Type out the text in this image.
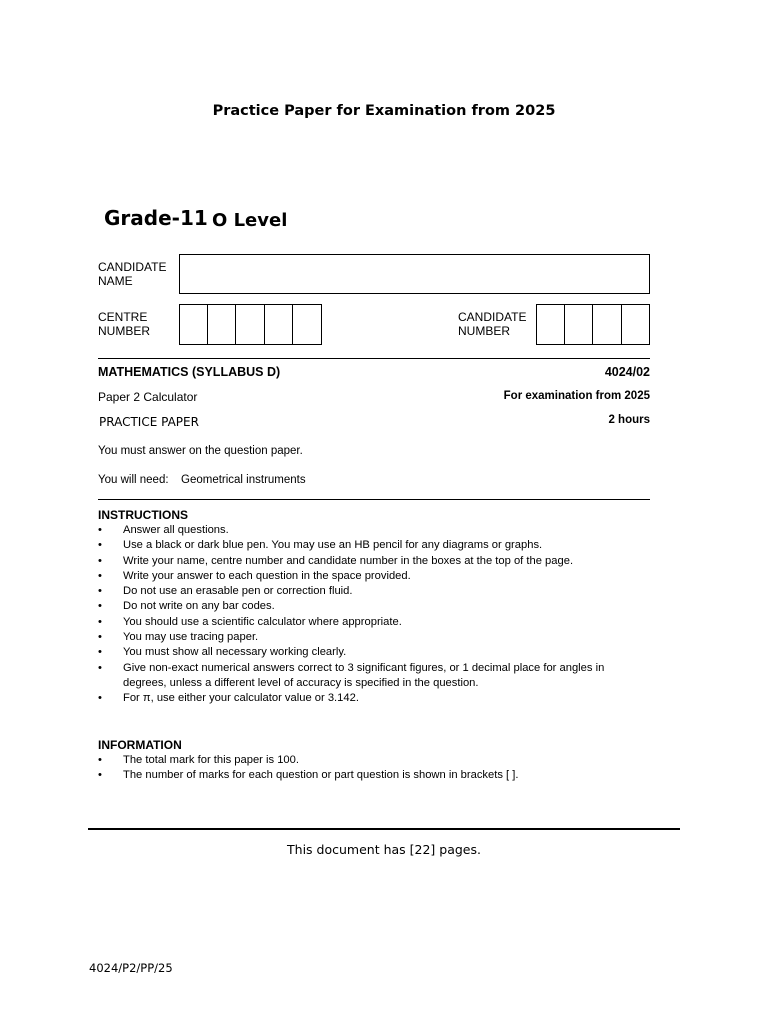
Practice Paper for Examination from 2025
Grade-11 O Level
CANDIDATE
NAME
CENTRE
NUMBER
CANDIDATE
NUMBER
MATHEMATICS (SYLLABUS D)	4024/02
Paper 2 Calculator	For examination from 2025
PRACTICE PAPER	2 hours
You must answer on the question paper.
You will need: Geometrical instruments
INSTRUCTIONS
• Answer all questions.
• Use a black or dark blue pen. You may use an HB pencil for any diagrams or graphs.
• Write your name, centre number and candidate number in the boxes at the top of the page.
• Write your answer to each question in the space provided.
• Do not use an erasable pen or correction fluid.
• Do not write on any bar codes.
• You should use a scientific calculator where appropriate.
• You may use tracing paper.
• You must show all necessary working clearly.
• Give non-exact numerical answers correct to 3 significant figures, or 1 decimal place for angles in degrees, unless a different level of accuracy is specified in the question.
• For π, use either your calculator value or 3.142.
INFORMATION
• The total mark for this paper is 100.
• The number of marks for each question or part question is shown in brackets [ ].
This document has [22] pages.
4024/P2/PP/25
